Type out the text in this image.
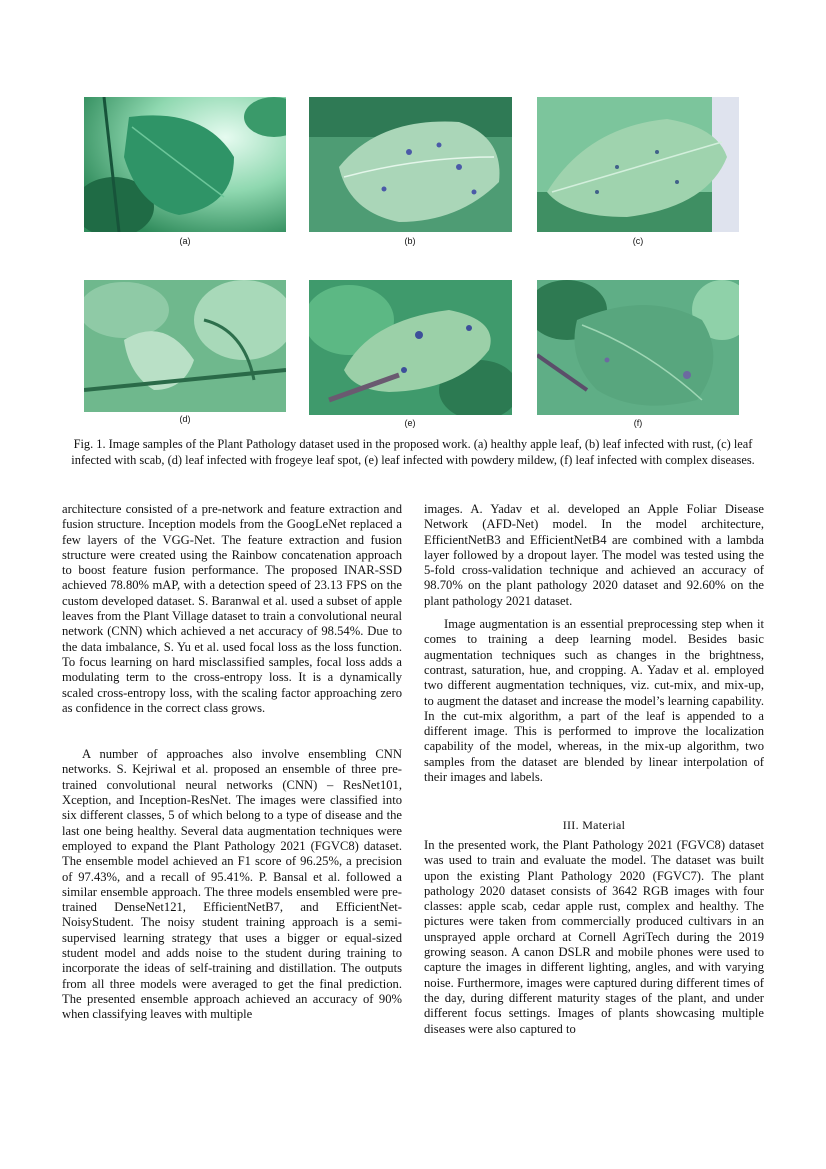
(a)	(b)	(c)
(d)	(e)	(f)
Fig. 1. Image samples of the Plant Pathology dataset used in the proposed work. (a) healthy apple leaf, (b) leaf infected with rust, (c) leaf infected with scab, (d) leaf infected with frogeye leaf spot, (e) leaf infected with powdery mildew, (f) leaf infected with complex diseases.

architecture consisted of a pre-network and feature extraction and fusion structure. Inception models from the GoogLeNet replaced a few layers of the VGG-Net. The feature extraction and fusion structure were created using the Rainbow concatenation approach to boost feature fusion performance. The proposed INAR-SSD achieved 78.80% mAP, with a detection speed of 23.13 FPS on the custom developed dataset. S. Baranwal et al. used a subset of apple leaves from the Plant Village dataset to train a convolutional neural network (CNN) which achieved a net accuracy of 98.54%. Due to the data imbalance, S. Yu et al. used focal loss as the loss function. To focus learning on hard misclassified samples, focal loss adds a modulating term to the cross-entropy loss. It is a dynamically scaled cross-entropy loss, with the scaling factor approaching zero as confidence in the correct class grows.

A number of approaches also involve ensembling CNN networks. S. Kejriwal et al. proposed an ensemble of three pre-trained convolutional neural networks (CNN) – ResNet101, Xception, and Inception-ResNet. The images were classified into six different classes, 5 of which belong to a type of disease and the last one being healthy. Several data augmentation techniques were employed to expand the Plant Pathology 2021 (FGVC8) dataset. The ensemble model achieved an F1 score of 96.25%, a precision of 97.43%, and a recall of 95.41%. P. Bansal et al. followed a similar ensemble approach. The three models ensembled were pre-trained DenseNet121, EfficientNetB7, and EfficientNet-NoisyStudent. The noisy student training approach is a semi-supervised learning strategy that uses a bigger or equal-sized student model and adds noise to the student during training to incorporate the ideas of self-training and distillation. The outputs from all three models were averaged to get the final prediction. The presented ensemble approach achieved an accuracy of 90% when classifying leaves with multiple

images. A. Yadav et al. developed an Apple Foliar Disease Network (AFD-Net) model. In the model architecture, EfficientNetB3 and EfficientNetB4 are combined with a lambda layer followed by a dropout layer. The model was tested using the 5-fold cross-validation technique and achieved an accuracy of 98.70% on the plant pathology 2020 dataset and 92.60% on the plant pathology 2021 dataset.

Image augmentation is an essential preprocessing step when it comes to training a deep learning model. Besides basic augmentation techniques such as changes in the brightness, contrast, saturation, hue, and cropping. A. Yadav et al. employed two different augmentation techniques, viz. cut-mix, and mix-up, to augment the dataset and increase the model’s learning capability. In the cut-mix algorithm, a part of the leaf is appended to a different image. This is performed to improve the localization capability of the model, whereas, in the mix-up algorithm, two samples from the dataset are blended by linear interpolation of their images and labels.

III. Material

In the presented work, the Plant Pathology 2021 (FGVC8) dataset was used to train and evaluate the model. The dataset was built upon the existing Plant Pathology 2020 (FGVC7). The plant pathology 2020 dataset consists of 3642 RGB images with four classes: apple scab, cedar apple rust, complex and healthy. The pictures were taken from commercially produced cultivars in an unsprayed apple orchard at Cornell AgriTech during the 2019 growing season. A canon DSLR and mobile phones were used to capture the images in different lighting, angles, and with varying noise. Furthermore, images were captured during different times of the day, during different maturity stages of the plant, and under different focus settings. Images of plants showcasing multiple diseases were also captured to
